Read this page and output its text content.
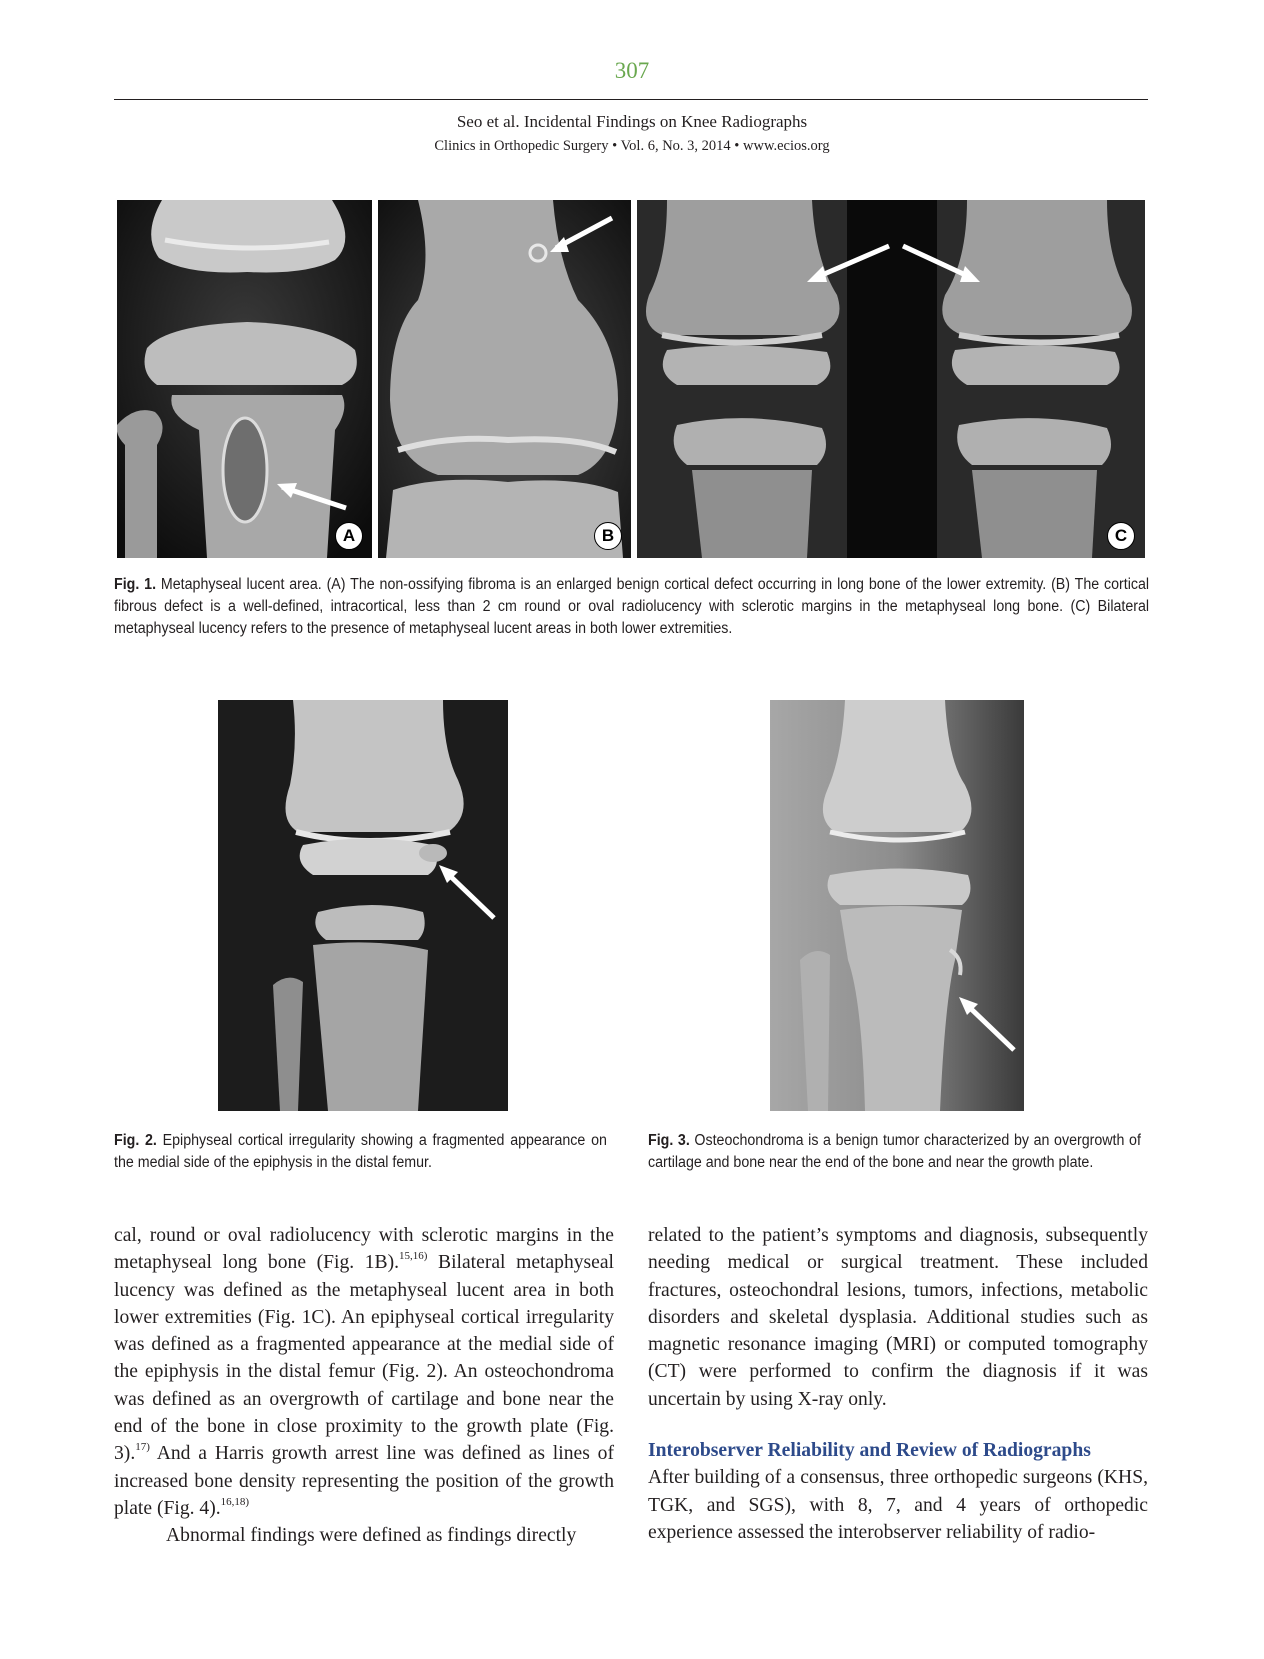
307
Seo et al. Incidental Findings on Knee Radiographs
Clinics in Orthopedic Surgery • Vol. 6, No. 3, 2014 • www.ecios.org
A	B	C
Fig. 1. Metaphyseal lucent area. (A) The non-ossifying fibroma is an enlarged benign cortical defect occurring in long bone of the lower extremity. (B) The cortical fibrous defect is a well-defined, intracortical, less than 2 cm round or oval radiolucency with sclerotic margins in the metaphyseal long bone. (C) Bilateral metaphyseal lucency refers to the presence of metaphyseal lucent areas in both lower extremities.
Fig. 2. Epiphyseal cortical irregularity showing a fragmented appearance on the medial side of the epiphysis in the distal femur.
Fig. 3. Osteochondroma is a benign tumor characterized by an overgrowth of cartilage and bone near the end of the bone and near the growth plate.

cal, round or oval radiolucency with sclerotic margins in the metaphyseal long bone (Fig. 1B).$^{15,16)}$ Bilateral metaphyseal lucency was defined as the metaphyseal lucent area in both lower extremities (Fig. 1C). An epiphyseal cortical irregularity was defined as a fragmented appearance at the medial side of the epiphysis in the distal femur (Fig. 2). An osteochondroma was defined as an overgrowth of cartilage and bone near the end of the bone in close proximity to the growth plate (Fig. 3).$^{17)}$ And a Harris growth arrest line was defined as lines of increased bone density representing the position of the growth plate (Fig. 4).$^{16,18)}$

Abnormal findings were defined as findings directly

related to the patient’s symptoms and diagnosis, subsequently needing medical or surgical treatment. These included fractures, osteochondral lesions, tumors, infections, metabolic disorders and skeletal dysplasia. Additional studies such as magnetic resonance imaging (MRI) or computed tomography (CT) were performed to confirm the diagnosis if it was uncertain by using X-ray only.

Interobserver Reliability and Review of Radiographs

After building of a consensus, three orthopedic surgeons (KHS, TGK, and SGS), with 8, 7, and 4 years of orthopedic experience assessed the interobserver reliability of radio-
